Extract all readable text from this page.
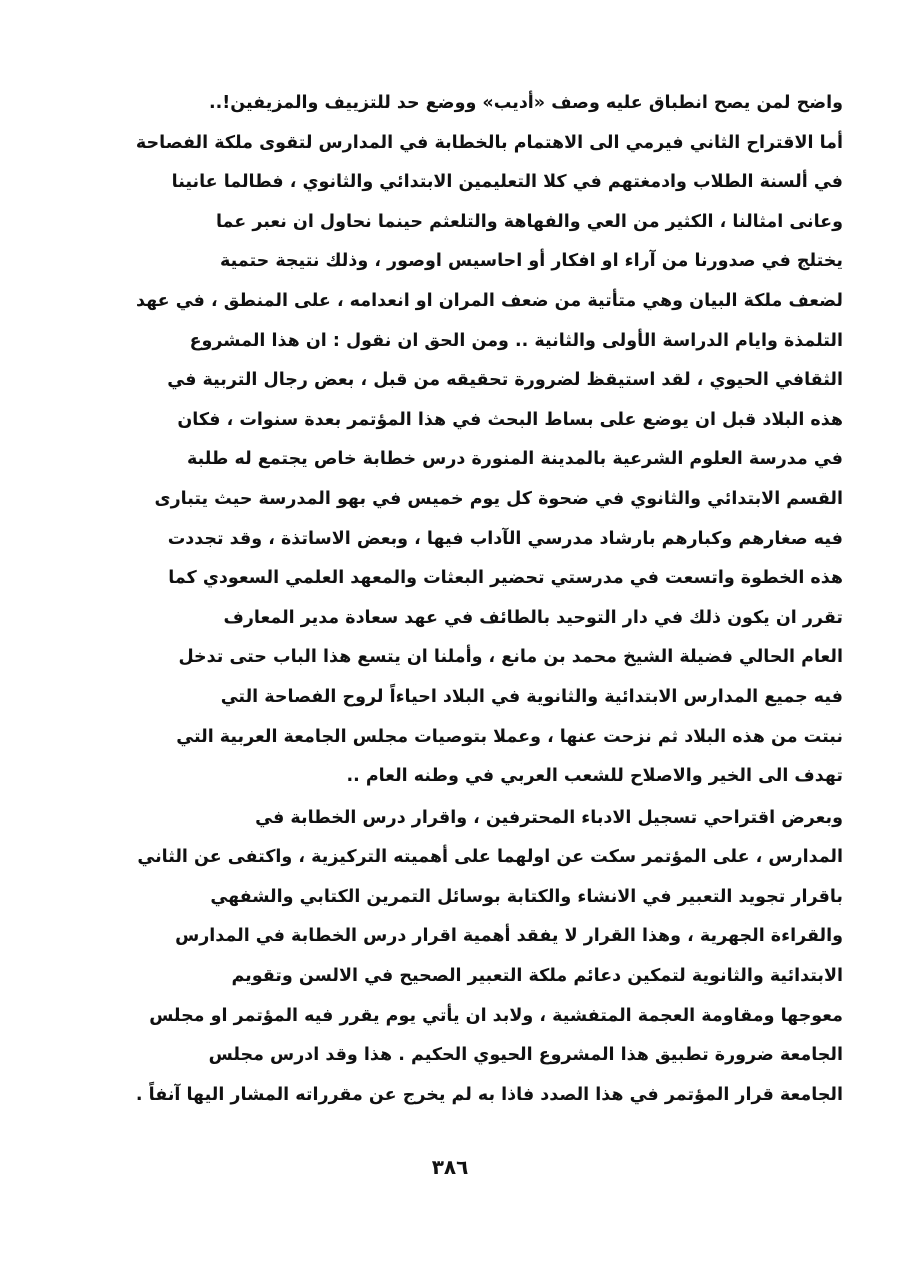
واضح لمن يصح انطباق عليه وصف «أديب» ووضع حد للتزييف والمزيفين!..
أما الاقتراح الثاني فيرمي الى الاهتمام بالخطابة في المدارس لتقوى ملكة الفصاحة
في ألسنة الطلاب وادمغتهم في كلا التعليمين الابتدائي والثانوي ، فطالما عانينا
وعانى امثالنا ، الكثير من العي والفهاهة والتلعثم حينما نحاول ان نعبر عما
يختلج في صدورنا من آراء او افكار أو احاسيس اوصور ، وذلك نتيجة حتمية
لضعف ملكة البيان وهي متأتية من ضعف المران او انعدامه ، على المنطق ، في عهد
التلمذة وايام الدراسة الأولى والثانية .. ومن الحق ان نقول : ان هذا المشروع
الثقافي الحيوي ، لقد استيقظ لضرورة تحقيقه من قبل ، بعض رجال التربية في
هذه البلاد قبل ان يوضع على بساط البحث في هذا المؤتمر بعدة سنوات ، فكان
في مدرسة العلوم الشرعية بالمدينة المنورة درس خطابة خاص يجتمع له طلبة
القسم الابتدائي والثانوي في ضحوة كل يوم خميس في بهو المدرسة حيث يتبارى
فيه صغارهم وكبارهم بارشاد مدرسي الآداب فيها ، وبعض الاساتذة ، وقد تجددت
هذه الخطوة واتسعت في مدرستي تحضير البعثات والمعهد العلمي السعودي كما
تقرر ان يكون ذلك في دار التوحيد بالطائف في عهد سعادة مدير المعارف
العام الحالي فضيلة الشيخ محمد بن مانع ، وأملنا ان يتسع هذا الباب حتى تدخل
فيه جميع المدارس الابتدائية والثانوية في البلاد احياءاً لروح الفصاحة التي
نبتت من هذه البلاد ثم نزحت عنها ، وعملا بتوصيات مجلس الجامعة العربية التي
تهدف الى الخير والاصلاح للشعب العربي في وطنه العام ..
وبعرض اقتراحي تسجيل الادباء المحترفين ، واقرار درس الخطابة في
المدارس ، على المؤتمر سكت عن اولهما على أهميته التركيزية ، واكتفى عن الثاني
باقرار تجويد التعبير في الانشاء والكتابة بوسائل التمرين الكتابي والشفهي
والقراءة الجهرية ، وهذا القرار لا يفقد أهمية اقرار درس الخطابة في المدارس
الابتدائية والثانوية لتمكين دعائم ملكة التعبير الصحيح في الالسن وتقويم
معوجها ومقاومة العجمة المتفشية ، ولابد ان يأتي يوم يقرر فيه المؤتمر او مجلس
الجامعة ضرورة تطبيق هذا المشروع الحيوي الحكيم . هذا وقد ادرس مجلس
الجامعة قرار المؤتمر في هذا الصدد فاذا به لم يخرج عن مقرراته المشار اليها آنفاً .
٣٨٦
